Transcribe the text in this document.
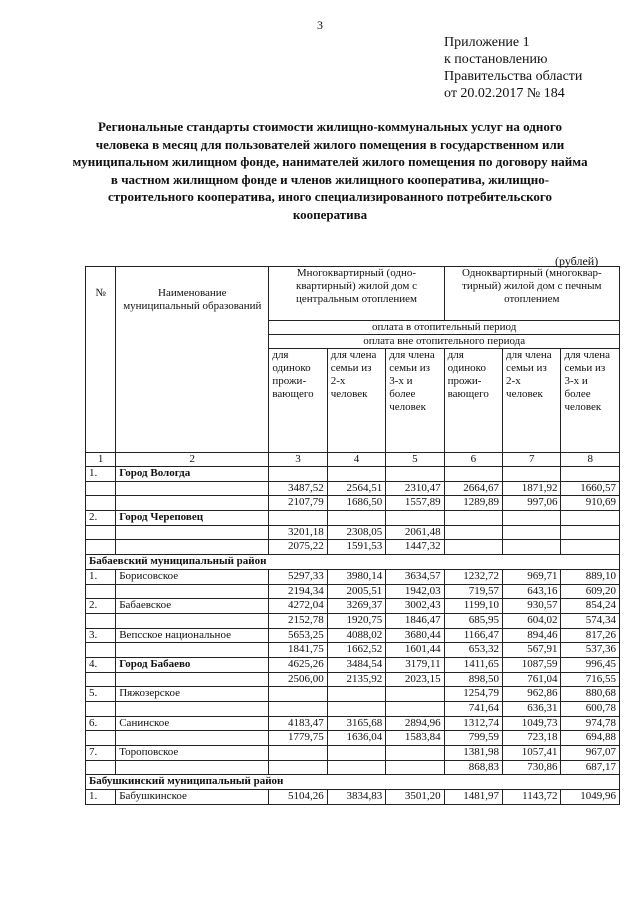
3
Приложение 1
к постановлению
Правительства области
от 20.02.2017 № 184
Региональные стандарты стоимости жилищно-коммунальных услуг на одного человека в месяц для пользователей жилого помещения в государственном или муниципальном жилищном фонде, нанимателей жилого помещения по договору найма в частном жилищном фонде и членов жилищного кооператива, жилищно-строительного кооператива, иного специализированного потребительского кооператива
(рублей)
№	Наименование муниципальный образований	Многоквартирный (одно-квартирный) жилой дом с центральным отоплением			Одноквартирный (многоквар-тирный) жилой дом с печным отоплением		
		оплата в отопительный период					
		оплата вне отопительного периода					
		для одиноко прожи-вающего	для члена семьи из 2-х человек	для члена семьи из 3-х и более человек	для одиноко прожи-вающего	для члена семьи из 2-х человек	для члена семьи из 3-х и более человек
1	2	3	4	5	6	7	8
1.	Город Вологда						
		3487,52	2564,51	2310,47	2664,67	1871,92	1660,57
		2107,79	1686,50	1557,89	1289,89	997,06	910,69
2.	Город Череповец						
		3201,18	2308,05	2061,48			
		2075,22	1591,53	1447,32			
Бабаевский муниципальный район							
1.	Борисовское	5297,33	3980,14	3634,57	1232,72	969,71	889,10
		2194,34	2005,51	1942,03	719,57	643,16	609,20
2.	Бабаевское	4272,04	3269,37	3002,43	1199,10	930,57	854,24
		2152,78	1920,75	1846,47	685,95	604,02	574,34
3.	Вепсское национальное	5653,25	4088,02	3680,44	1166,47	894,46	817,26
		1841,75	1662,52	1601,44	653,32	567,91	537,36
4.	Город Бабаево	4625,26	3484,54	3179,11	1411,65	1087,59	996,45
		2506,00	2135,92	2023,15	898,50	761,04	716,55
5.	Пяжозерское				1254,79	962,86	880,68
					741,64	636,31	600,78
6.	Санинское	4183,47	3165,68	2894,96	1312,74	1049,73	974,78
		1779,75	1636,04	1583,84	799,59	723,18	694,88
7.	Тороповское				1381,98	1057,41	967,07
					868,83	730,86	687,17
Бабушкинский муниципальный район							
1.	Бабушкинское	5104,26	3834,83	3501,20	1481,97	1143,72	1049,96
